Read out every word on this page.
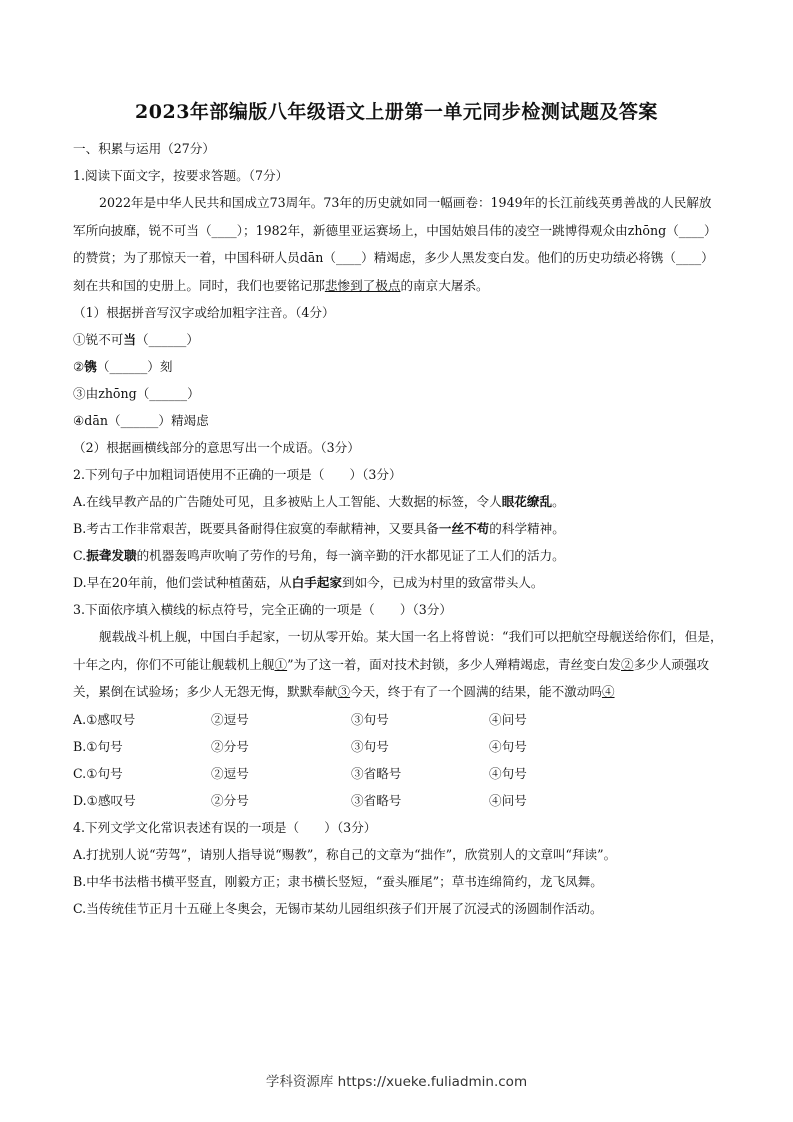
2023年部编版八年级语文上册第一单元同步检测试题及答案
一、积累与运用（27分）
1.阅读下面文字，按要求答题。（7分）
2022年是中华人民共和国成立73周年。73年的历史就如同一幅画卷：1949年的长江前线英勇善战的人民解放军所向披靡，锐不可当（____）；1982年，新德里亚运赛场上，中国姑娘吕伟的凌空一跳博得观众由zhōng（____）的赞赏；为了那惊天一着，中国科研人员dān（____）精竭虑，多少人黑发变白发。他们的历史功绩必将镌（____）刻在共和国的史册上。同时，我们也要铭记那悲惨到了极点的南京大屠杀。
（1）根据拼音写汉字或给加粗字注音。（4分）
①锐不可当（______）
②镌（______）刻
③由zhōng（______）
④dān（______）精竭虑
（2）根据画横线部分的意思写出一个成语。（3分）
2.下列句子中加粗词语使用不正确的一项是（　　）（3分）
A.在线早教产品的广告随处可见，且多被贴上人工智能、大数据的标签，令人眼花缭乱。
B.考古工作非常艰苦，既要具备耐得住寂寞的奉献精神，又要具备一丝不苟的科学精神。
C.振聋发聩的机器轰鸣声吹响了劳作的号角，每一滴辛勤的汗水都见证了工人们的活力。
D.早在20年前，他们尝试种植菌菇，从白手起家到如今，已成为村里的致富带头人。
3.下面依序填入横线的标点符号，完全正确的一项是（　　）（3分）
舰载战斗机上舰，中国白手起家，一切从零开始。某大国一名上将曾说：“我们可以把航空母舰送给你们，但是，十年之内，你们不可能让舰载机上舰①”为了这一着，面对技术封锁，多少人殚精竭虑，青丝变白发②多少人顽强攻关，累倒在试验场；多少人无怨无悔，默默奉献③今天，终于有了一个圆满的结果，能不激动吗④
A.①感叹号	②逗号	③句号	④问号
B.①句号	②分号	③句号	④句号
C.①句号	②逗号	③省略号	④句号
D.①感叹号	②分号	③省略号	④问号
4.下列文学文化常识表述有误的一项是（　　）（3分）
A.打扰别人说“劳驾”，请别人指导说“赐教”，称自己的文章为“拙作”，欣赏别人的文章叫“拜读”。
B.中华书法楷书横平竖直，刚毅方正；隶书横长竖短，“蚕头雁尾”；草书连绵简约，龙飞凤舞。
C.当传统佳节正月十五碰上冬奥会，无锡市某幼儿园组织孩子们开展了沉浸式的汤圆制作活动。
学科资源库 https://xueke.fuliadmin.com
